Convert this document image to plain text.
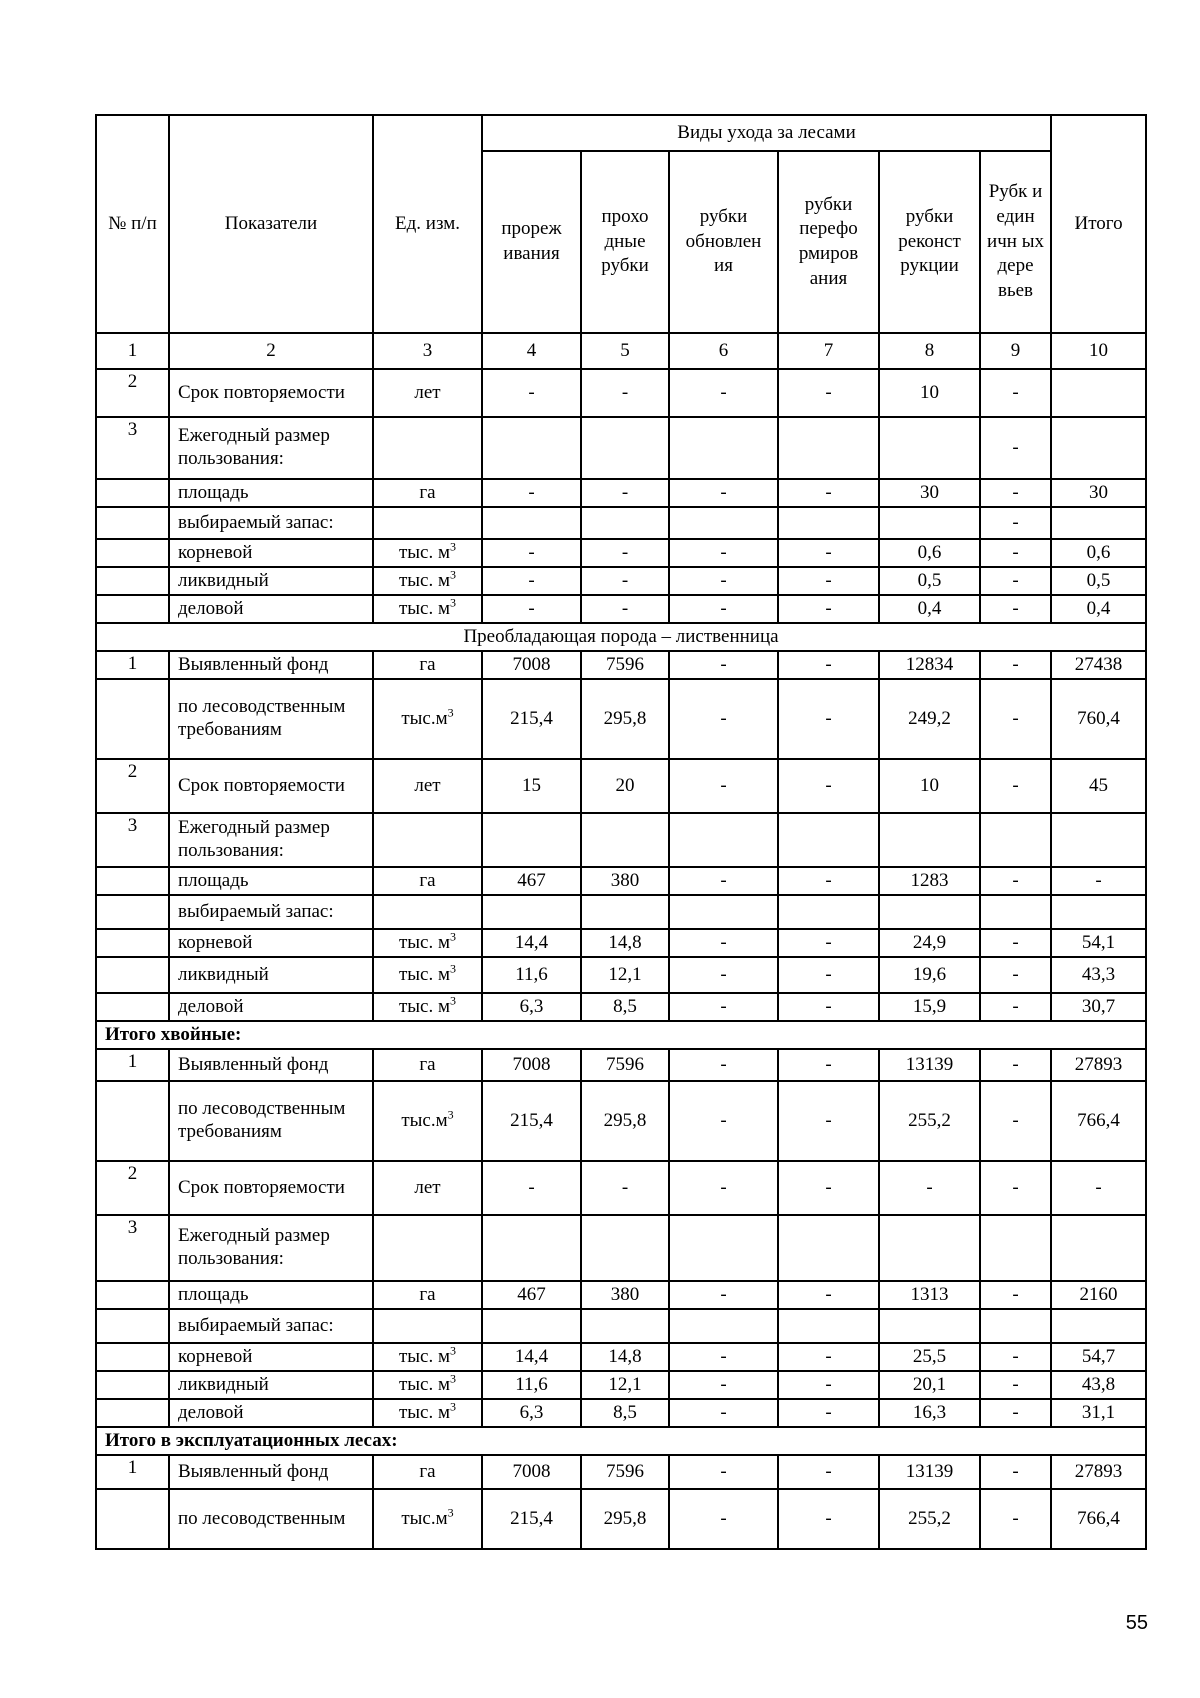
№ п/п	Показатели	Ед. изм.	Виды ухода за лесами						Итого
			прореж ивания	прохо дные рубки	рубки обновлен ия	рубки перефо рмиров ания	рубки реконст рукции	Рубк и един ичн ых дере вьев	
1	2	3	4	5	6	7	8	9	10
2	Срок повторяемости	лет	-	-	-	-	10	-	
3	Ежегодный размер пользования:							-	
	площадь	га	-	-	-	-	30	-	30
	выбираемый запас:							-	
	корневой	тыс. $м^3$	-	-	-	-	0,6	-	0,6
	ликвидный	тыс. $м^3$	-	-	-	-	0,5	-	0,5
	деловой	тыс. $м^3$	-	-	-	-	0,4	-	0,4
Преобладающая порода – лиственница									
1	Выявленный фонд	га	7008	7596	-	-	12834	-	27438
	по лесоводственным требованиям	$тыс.м^3$	215,4	295,8	-	-	249,2	-	760,4
2	Срок повторяемости	лет	15	20	-	-	10	-	45
3	Ежегодный размер пользования:								
	площадь	га	467	380	-	-	1283	-	-
	выбираемый запас:								
	корневой	тыс. $м^3$	14,4	14,8	-	-	24,9	-	54,1
	ликвидный	тыс. $м^3$	11,6	12,1	-	-	19,6	-	43,3
	деловой	тыс. $м^3$	6,3	8,5	-	-	15,9	-	30,7
Итого хвойные:									
1	Выявленный фонд	га	7008	7596	-	-	13139	-	27893
	по лесоводственным требованиям	$тыс.м^3$	215,4	295,8	-	-	255,2	-	766,4
2	Срок повторяемости	лет	-	-	-	-	-	-	-
3	Ежегодный размер пользования:								
	площадь	га	467	380	-	-	1313	-	2160
	выбираемый запас:								
	корневой	тыс. $м^3$	14,4	14,8	-	-	25,5	-	54,7
	ликвидный	тыс. $м^3$	11,6	12,1	-	-	20,1	-	43,8
	деловой	тыс. $м^3$	6,3	8,5	-	-	16,3	-	31,1
Итого в эксплуатационных лесах:									
1	Выявленный фонд	га	7008	7596	-	-	13139	-	27893
	по лесоводственным	$тыс.м^3$	215,4	295,8	-	-	255,2	-	766,4
55
